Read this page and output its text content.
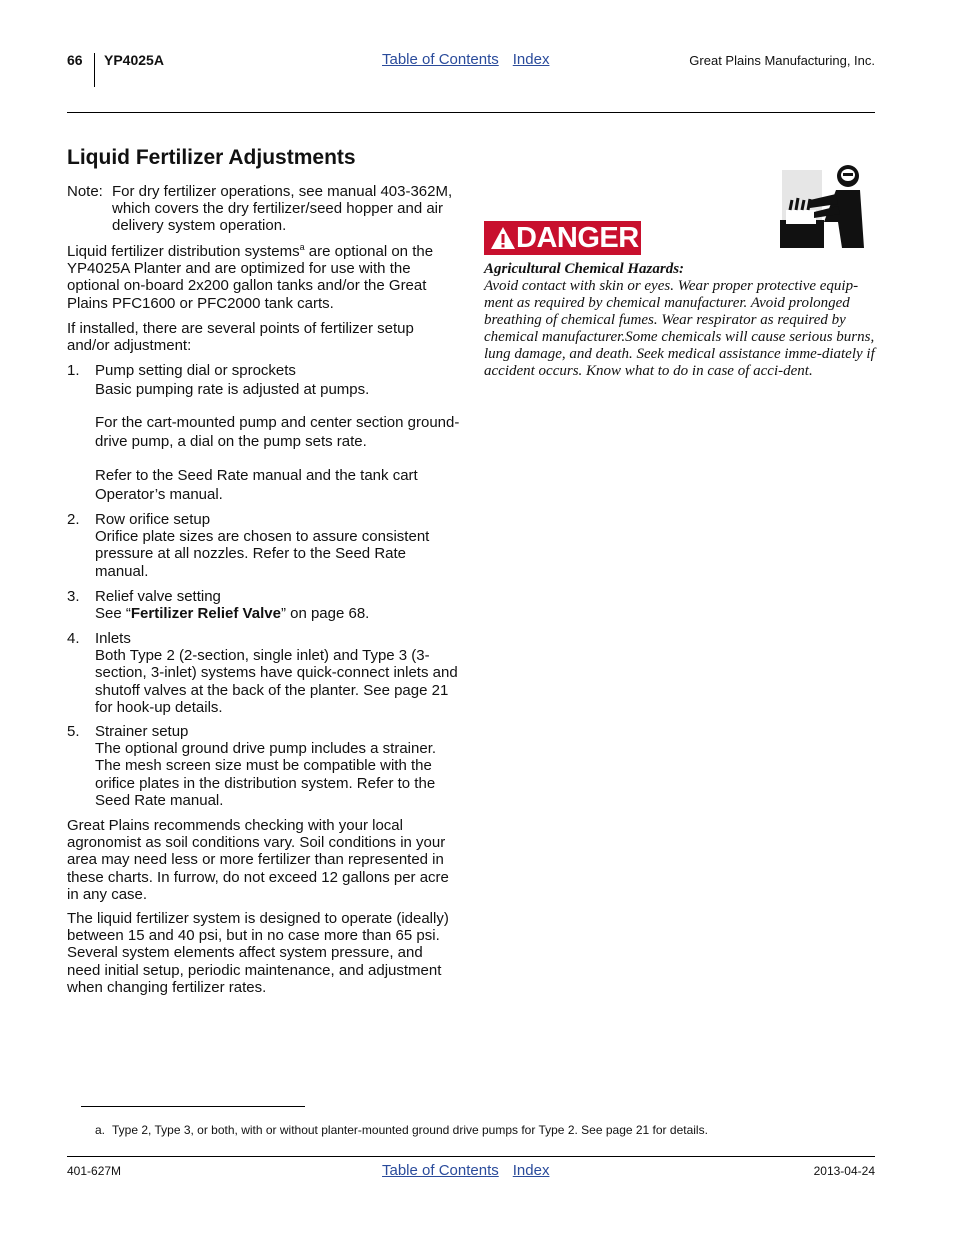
66 YP4025A	Table of Contents Index	Great Plains Manufacturing, Inc.
Liquid Fertilizer Adjustments
Note: For dry fertilizer operations, see manual 403-362M, which covers the dry fertilizer/seed hopper and air delivery system operation.

Liquid fertilizer distribution systems$^a$ are optional on the YP4025A Planter and are optimized for use with the optional on-board 2x200 gallon tanks and/or the Great Plains PFC1600 or PFC2000 tank carts.

If installed, there are several points of fertilizer setup and/or adjustment:

1. Pump setting dial or sprockets
Basic pumping rate is adjusted at pumps.
For the cart-mounted pump and center section ground-drive pump, a dial on the pump sets rate.
Refer to the Seed Rate manual and the tank cart Operator’s manual.
2. Row orifice setup
Orifice plate sizes are chosen to assure consistent pressure at all nozzles. Refer to the Seed Rate manual.
3. Relief valve setting
See “Fertilizer Relief Valve” on page 68.
4. Inlets
Both Type 2 (2-section, single inlet) and Type 3 (3-section, 3-inlet) systems have quick-connect inlets and shutoff valves at the back of the planter. See page 21 for hook-up details.
5. Strainer setup
The optional ground drive pump includes a strainer. The mesh screen size must be compatible with the orifice plates in the distribution system. Refer to the Seed Rate manual.

Great Plains recommends checking with your local agronomist as soil conditions vary. Soil conditions in your area may need less or more fertilizer than represented in these charts. In furrow, do not exceed 12 gallons per acre in any case.

The liquid fertilizer system is designed to operate (ideally) between 15 and 40 psi, but in no case more than 65 psi. Several system elements affect system pressure, and need initial setup, periodic maintenance, and adjustment when changing fertilizer rates.

DANGER
Agricultural Chemical Hazards:
Avoid contact with skin or eyes. Wear proper protective equip-ment as required by chemical manufacturer. Avoid prolonged breathing of chemical fumes. Wear respirator as required by chemical manufacturer.Some chemicals will cause serious burns, lung damage, and death. Seek medical assistance imme-diately if accident occurs. Know what to do in case of acci-dent.
a. Type 2, Type 3, or both, with or without planter-mounted ground drive pumps for Type 2. See page 21 for details.
401-627M	Table of Contents Index	2013-04-24
